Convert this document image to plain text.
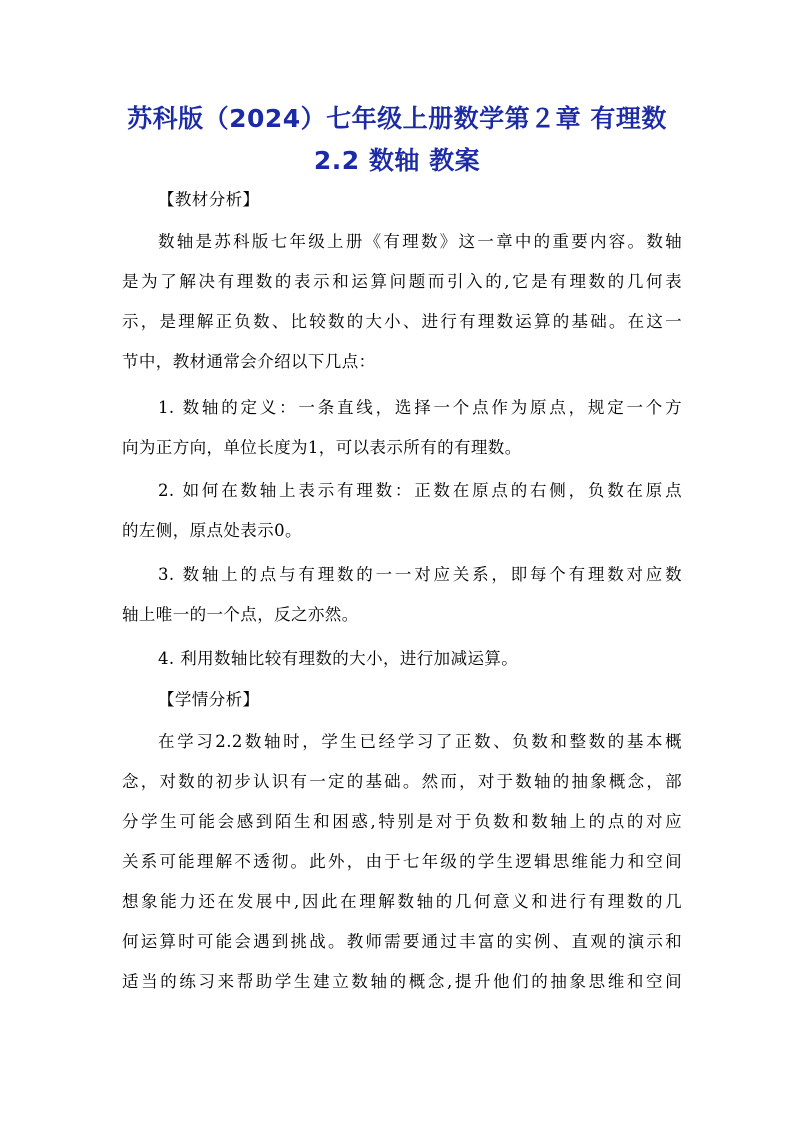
苏科版（2024）七年级上册数学第２章 有理数
2.2 数轴 教案
【教材分析】
数轴是苏科版七年级上册《有理数》这一章中的重要内容。数轴
是为了解决有理数的表示和运算问题而引入的,它是有理数的几何表
示，是理解正负数、比较数的大小、进行有理数运算的基础。在这一
节中，教材通常会介绍以下几点：
1. 数轴的定义：一条直线，选择一个点作为原点，规定一个方
向为正方向，单位长度为1，可以表示所有的有理数。
2. 如何在数轴上表示有理数：正数在原点的右侧，负数在原点
的左侧，原点处表示0。
3. 数轴上的点与有理数的一一对应关系，即每个有理数对应数
轴上唯一的一个点，反之亦然。
4. 利用数轴比较有理数的大小，进行加减运算。
【学情分析】
在学习2.2数轴时，学生已经学习了正数、负数和整数的基本概
念，对数的初步认识有一定的基础。然而，对于数轴的抽象概念，部
分学生可能会感到陌生和困惑,特别是对于负数和数轴上的点的对应
关系可能理解不透彻。此外，由于七年级的学生逻辑思维能力和空间
想象能力还在发展中,因此在理解数轴的几何意义和进行有理数的几
何运算时可能会遇到挑战。教师需要通过丰富的实例、直观的演示和
适当的练习来帮助学生建立数轴的概念,提升他们的抽象思维和空间
